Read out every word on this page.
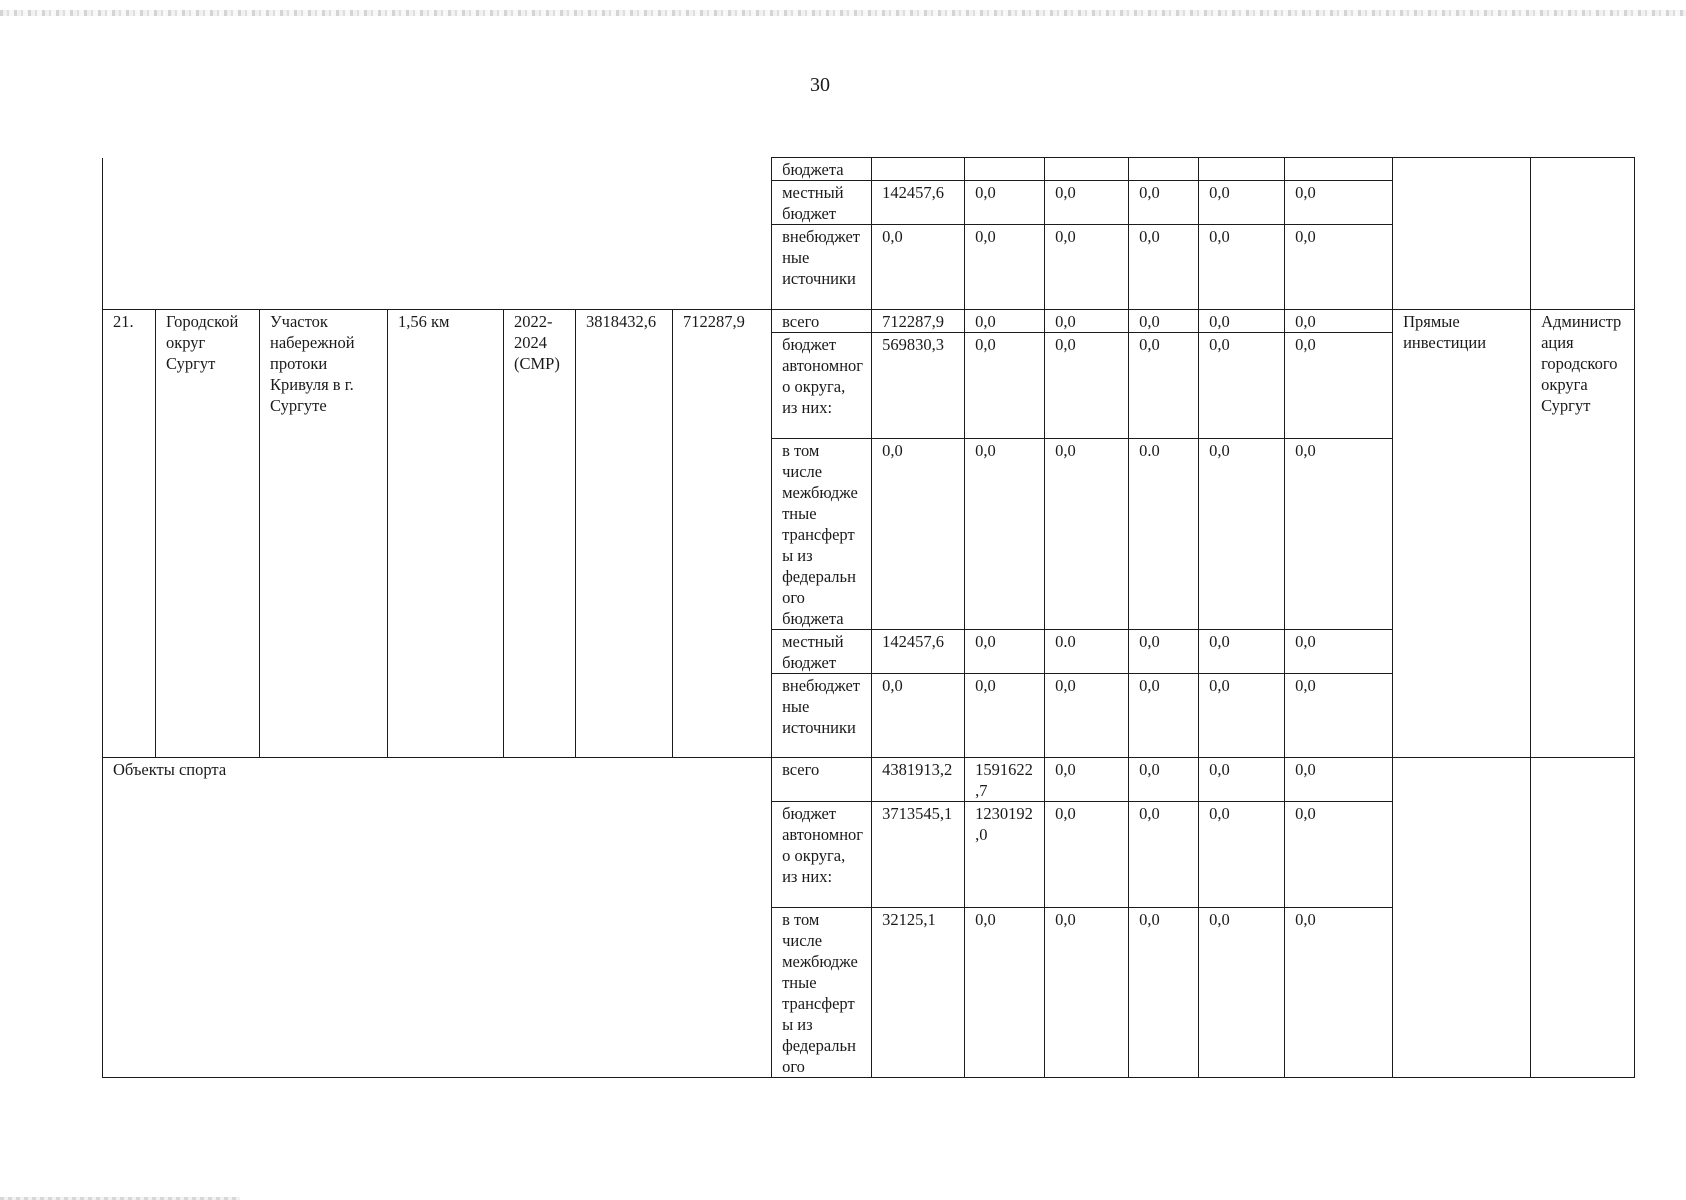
30
							бюджета								
							местный бюджет	142457,6	0,0	0,0	0,0	0,0	0,0		
							внебюджетные источники	0,0	0,0	0,0	0,0	0,0	0,0		
21.	Городской округ Сургут	Участок набережной протоки Кривуля в г. Сургуте	1,56 км	2022-2024 (СМР)	3818432,6	712287,9	всего	712287,9	0,0	0,0	0,0	0,0	0,0	Прямые инвестиции	Администрация городского округа Сургут
							бюджет автономного округа, из них:	569830,3	0,0	0,0	0,0	0,0	0,0		
							в том числе межбюджетные трансферты из федерального бюджета	0,0	0,0	0,0	0.0	0,0	0,0		
							местный бюджет	142457,6	0,0	0.0	0,0	0,0	0,0		
							внебюджетные источники	0,0	0,0	0,0	0,0	0,0	0,0		
Объекты спорта							всего	4381913,2	1591622,7	0,0	0,0	0,0	0,0		
							бюджет автономного округа, из них:	3713545,1	1230192,0	0,0	0,0	0,0	0,0		
							в том числе межбюджетные трансферты из федерального	32125,1	0,0	0,0	0,0	0,0	0,0		
